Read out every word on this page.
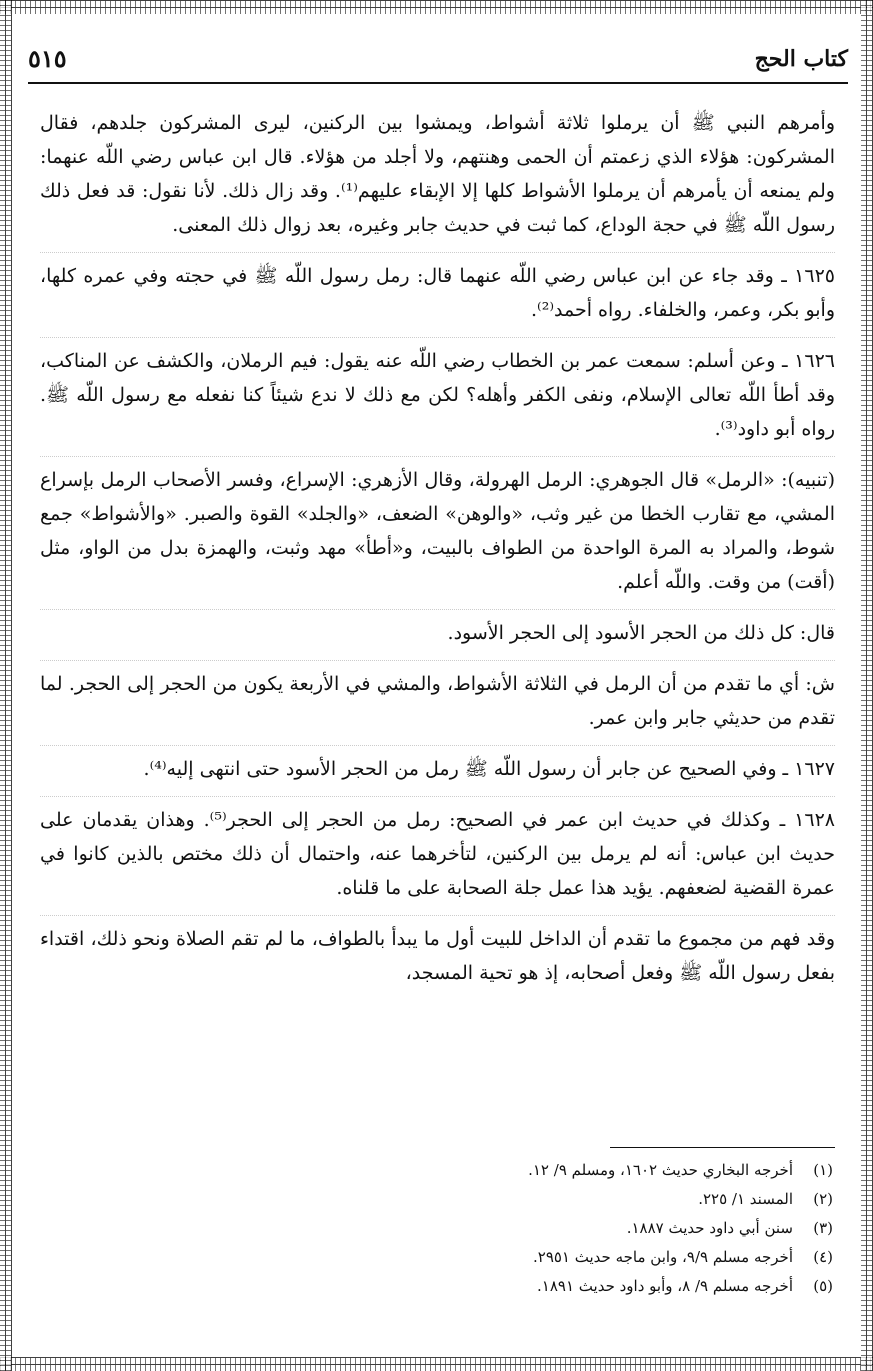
كتاب الحج
٥١٥

وأمرهم النبي ﷺ أن يرملوا ثلاثة أشواط، ويمشوا بين الركنين، ليرى المشركون جلدهم، فقال المشركون: هؤلاء الذي زعمتم أن الحمى وهنتهم، ولا أجلد من هؤلاء. قال ابن عباس رضي اللّه عنهما: ولم يمنعه أن يأمرهم أن يرملوا الأشواط كلها إلا الإبقاء عليهم⁽¹⁾. وقد زال ذلك. لأنا نقول: قد فعل ذلك رسول اللّه ﷺ في حجة الوداع، كما ثبت في حديث جابر وغيره، بعد زوال ذلك المعنى.

١٦٢٥ ـ وقد جاء عن ابن عباس رضي اللّه عنهما قال: رمل رسول اللّه ﷺ في حجته وفي عمره كلها، وأبو بكر، وعمر، والخلفاء. رواه أحمد⁽²⁾.

١٦٢٦ ـ وعن أسلم: سمعت عمر بن الخطاب رضي اللّه عنه يقول: فيم الرملان، والكشف عن المناكب، وقد أطأ اللّه تعالى الإسلام، ونفى الكفر وأهله؟ لكن مع ذلك لا ندع شيئاً كنا نفعله مع رسول اللّه ﷺ. رواه أبو داود⁽³⁾.

(تنبيه): «الرمل» قال الجوهري: الرمل الهرولة، وقال الأزهري: الإسراع، وفسر الأصحاب الرمل بإسراع المشي، مع تقارب الخطا من غير وثب، «والوهن» الضعف، «والجلد» القوة والصبر. «والأشواط» جمع شوط، والمراد به المرة الواحدة من الطواف بالبيت، و«أطأ» مهد وثبت، والهمزة بدل من الواو، مثل (أقت) من وقت. واللّه أعلم.

قال: كل ذلك من الحجر الأسود إلى الحجر الأسود.

ش: أي ما تقدم من أن الرمل في الثلاثة الأشواط، والمشي في الأربعة يكون من الحجر إلى الحجر. لما تقدم من حديثي جابر وابن عمر.

١٦٢٧ ـ وفي الصحيح عن جابر أن رسول اللّه ﷺ رمل من الحجر الأسود حتى انتهى إليه⁽⁴⁾.

١٦٢٨ ـ وكذلك في حديث ابن عمر في الصحيح: رمل من الحجر إلى الحجر⁽⁵⁾. وهذان يقدمان على حديث ابن عباس: أنه لم يرمل بين الركنين، لتأخرهما عنه، واحتمال أن ذلك مختص بالذين كانوا في عمرة القضية لضعفهم. يؤيد هذا عمل جلة الصحابة على ما قلناه.

وقد فهم من مجموع ما تقدم أن الداخل للبيت أول ما يبدأ بالطواف، ما لم تقم الصلاة ونحو ذلك، اقتداء بفعل رسول اللّه ﷺ وفعل أصحابه، إذ هو تحية المسجد،

(١)
أخرجه البخاري حديث ١٦٠٢، ومسلم ٩/ ١٢.
(٢)
المسند ١/ ٢٢٥.
(٣)
سنن أبي داود حديث ١٨٨٧.
(٤)
أخرجه مسلم ٩/٩، وابن ماجه حديث ٢٩٥١.
(٥)
أخرجه مسلم ٩/ ٨، وأبو داود حديث ١٨٩١.
